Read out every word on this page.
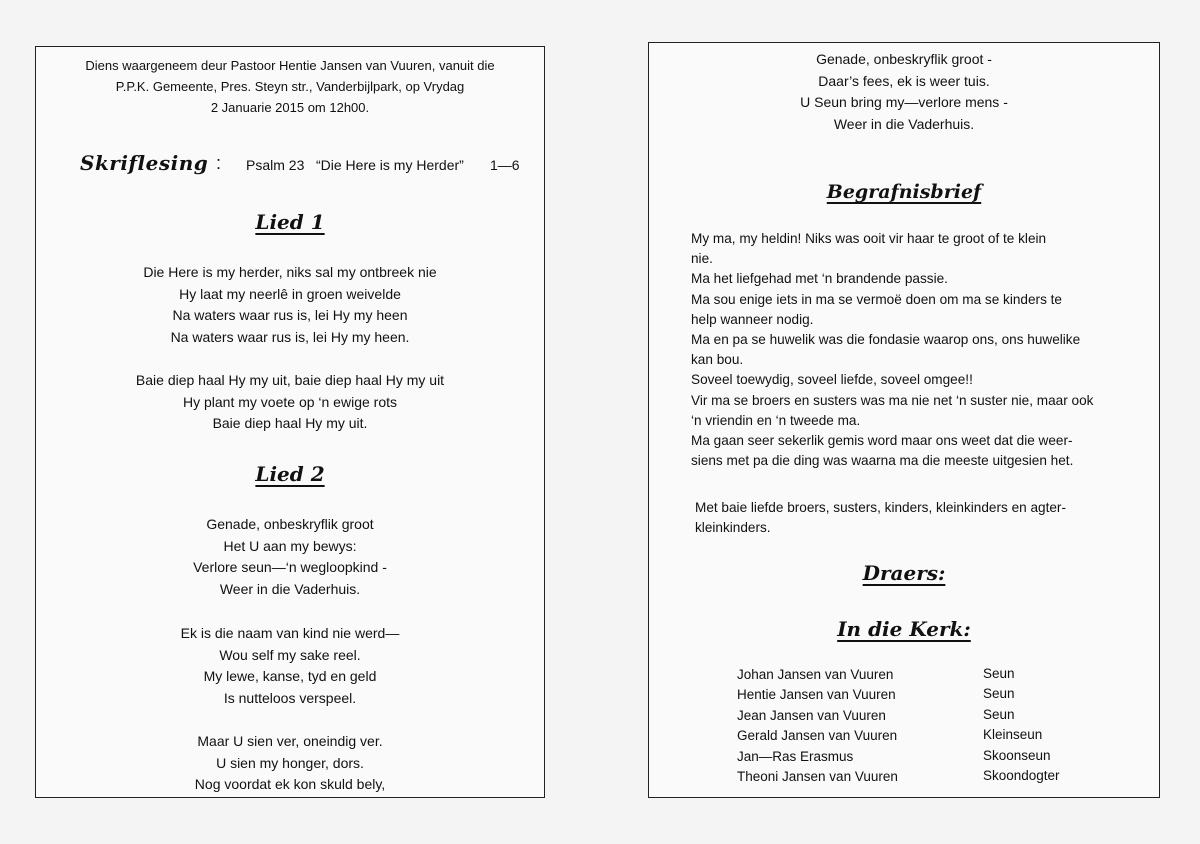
Diens waargeneem deur Pastoor Hentie Jansen van Vuuren, vanuit die
P.P.K. Gemeente, Pres. Steyn str., Vanderbijlpark, op Vrydag
2 Januarie 2015 om 12h00.
Skriflesing : Psalm 23 “Die Here is my Herder” 1—6
Lied 1
Die Here is my herder, niks sal my ontbreek nie
Hy laat my neerlê in groen weivelde
Na waters waar rus is, lei Hy my heen
Na waters waar rus is, lei Hy my heen.
Baie diep haal Hy my uit, baie diep haal Hy my uit
Hy plant my voete op ‘n ewige rots
Baie diep haal Hy my uit.
Lied 2
Genade, onbeskryflik groot
Het U aan my bewys:
Verlore seun—‘n wegloopkind -
Weer in die Vaderhuis.
Ek is die naam van kind nie werd—
Wou self my sake reel.
My lewe, kanse, tyd en geld
Is nutteloos verspeel.
Maar U sien ver, oneindig ver.
U sien my honger, dors.
Nog voordat ek kon skuld bely,
Genade, onbeskryflik groot -
Daar’s fees, ek is weer tuis.
U Seun bring my—verlore mens -
Weer in die Vaderhuis.
Begrafnisbrief
My ma, my heldin! Niks was ooit vir haar te groot of te klein
nie.
Ma het liefgehad met ‘n brandende passie.
Ma sou enige iets in ma se vermoë doen om ma se kinders te
help wanneer nodig.
Ma en pa se huwelik was die fondasie waarop ons, ons huwelike
kan bou.
Soveel toewydig, soveel liefde, soveel omgee!!
Vir ma se broers en susters was ma nie net ‘n suster nie, maar ook
‘n vriendin en ‘n tweede ma.
Ma gaan seer sekerlik gemis word maar ons weet dat die weer-
siens met pa die ding was waarna ma die meeste uitgesien het.
Met baie liefde broers, susters, kinders, kleinkinders en agter-
kleinkinders.
Draers:
In die Kerk:
Johan Jansen van Vuuren	Seun
Hentie Jansen van Vuuren	Seun
Jean Jansen van Vuuren	Seun
Gerald Jansen van Vuuren	Kleinseun
Jan—Ras Erasmus	Skoonseun
Theoni Jansen van Vuuren	Skoondogter
